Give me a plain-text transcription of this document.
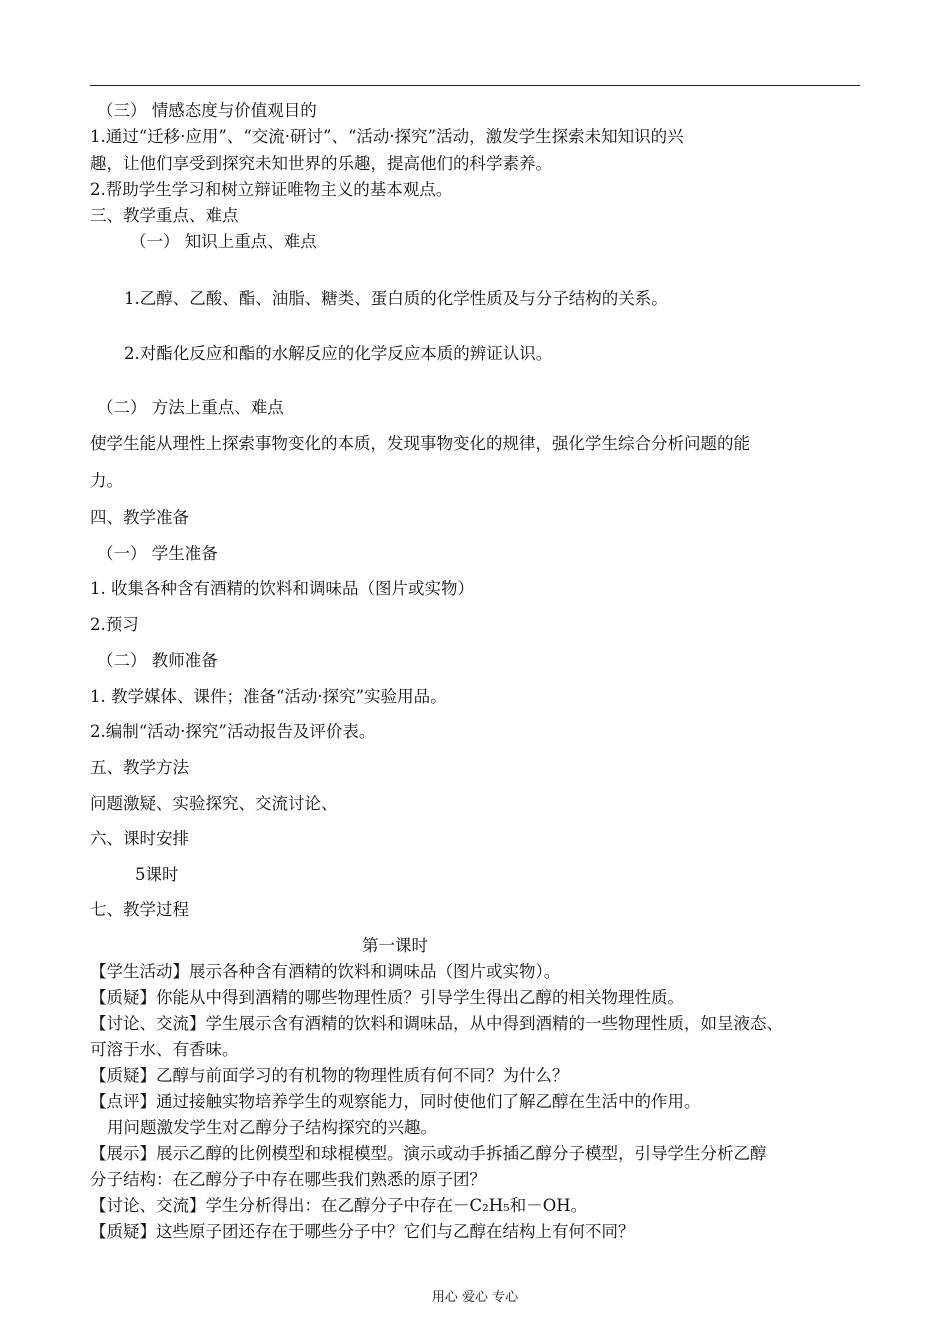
（三） 情感态度与价值观目的
1.通过“迁移·应用”、“交流·研讨”、“活动·探究”活动，激发学生探索未知知识的兴
趣，让他们享受到探究未知世界的乐趣，提高他们的科学素养。
2.帮助学生学习和树立辩证唯物主义的基本观点。
三、教学重点、难点
（一） 知识上重点、难点
1.乙醇、乙酸、酯、油脂、糖类、蛋白质的化学性质及与分子结构的关系。
2.对酯化反应和酯的水解反应的化学反应本质的辨证认识。
（二） 方法上重点、难点
使学生能从理性上探索事物变化的本质，发现事物变化的规律，强化学生综合分析问题的能
力。
四、教学准备
（一） 学生准备
1. 收集各种含有酒精的饮料和调味品（图片或实物）
2.预习
（二） 教师准备
1. 教学媒体、课件；准备“活动·探究”实验用品。
2.编制“活动·探究”活动报告及评价表。
五、教学方法
问题激疑、实验探究、交流讨论、
六、课时安排
5课时
七、教学过程
第一课时
【学生活动】展示各种含有酒精的饮料和调味品（图片或实物）。
【质疑】你能从中得到酒精的哪些物理性质？引导学生得出乙醇的相关物理性质。
【讨论、交流】学生展示含有酒精的饮料和调味品，从中得到酒精的一些物理性质，如呈液态、
可溶于水、有香味。
【质疑】乙醇与前面学习的有机物的物理性质有何不同？为什么？
【点评】通过接触实物培养学生的观察能力，同时使他们了解乙醇在生活中的作用。
用问题激发学生对乙醇分子结构探究的兴趣。
【展示】展示乙醇的比例模型和球棍模型。演示或动手拆插乙醇分子模型，引导学生分析乙醇
分子结构：在乙醇分子中存在哪些我们熟悉的原子团？
【讨论、交流】学生分析得出：在乙醇分子中存在－C₂H₅和－OH。
【质疑】这些原子团还存在于哪些分子中？它们与乙醇在结构上有何不同？
用心 爱心 专心
